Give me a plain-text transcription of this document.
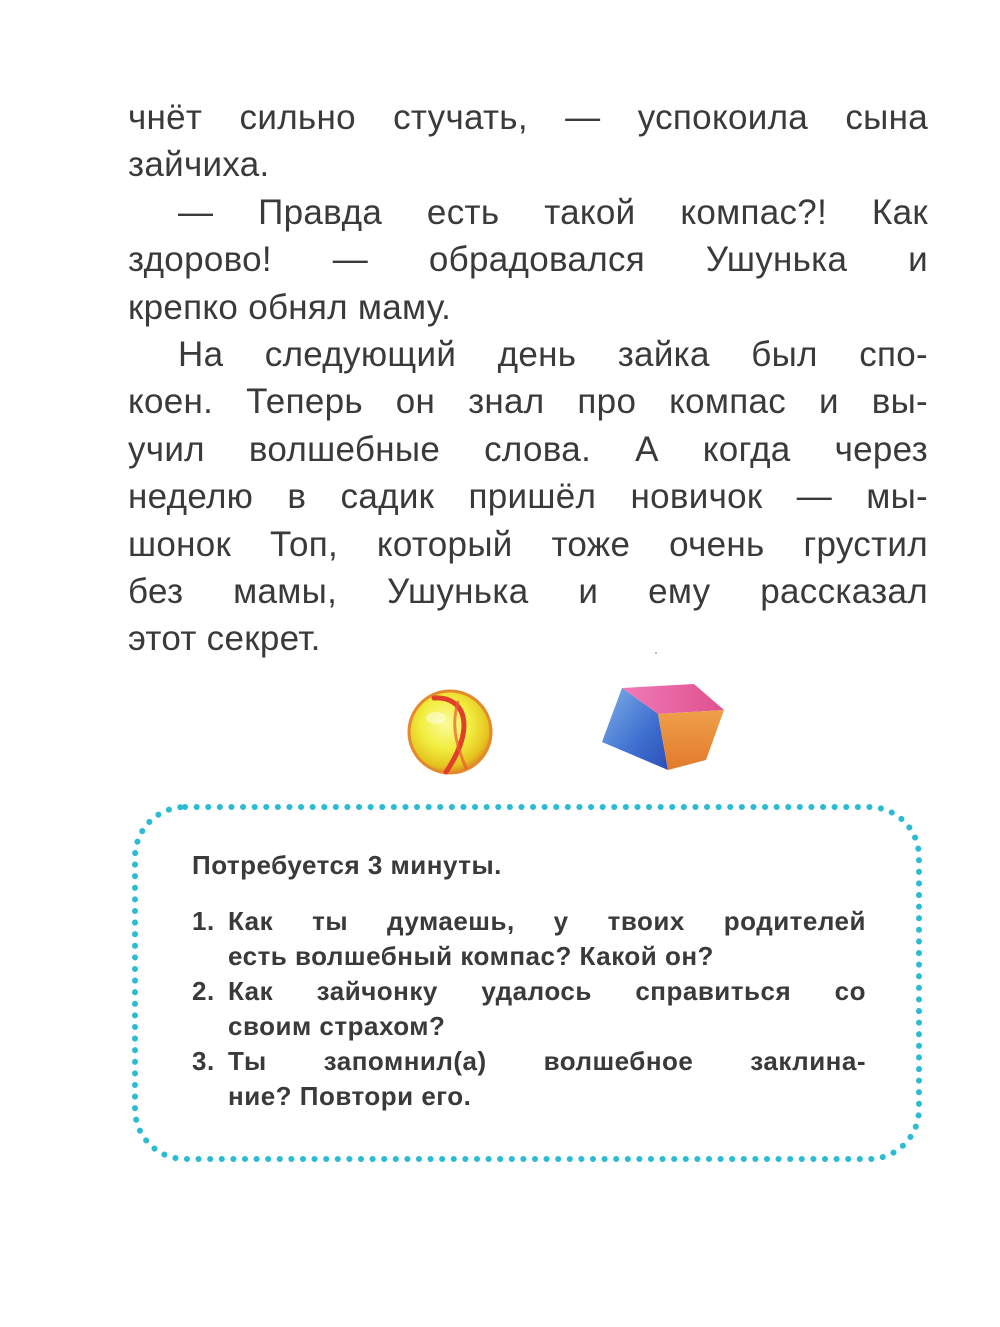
чнёт сильно стучать, — успокоила сына
зайчиха.
— Правда есть такой компас?! Как
здорово! — обрадовался Ушунька и
крепко обнял маму.
На следующий день зайка был спо-
коен. Теперь он знал про компас и вы-
учил волшебные слова. А когда через
неделю в садик пришёл новичок — мы-
шонок Топ, который тоже очень грустил
без мамы, Ушунька и ему рассказал
этот секрет.
Потребуется 3 минуты.
1. Как ты думаешь, у твоих родителей
есть волшебный компас? Какой он?
2. Как зайчонку удалось справиться со
своим страхом?
3. Ты запомнил(а) волшебное заклина-
ние? Повтори его.
